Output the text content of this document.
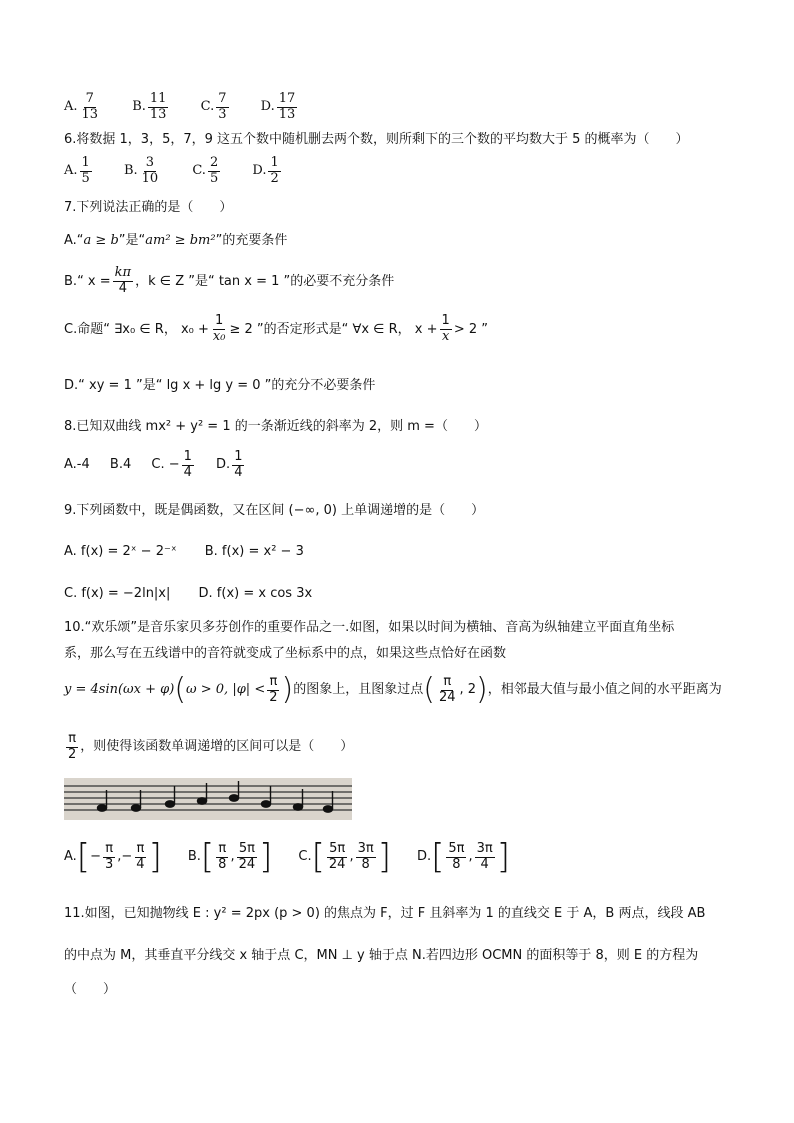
A. $\frac{7}{13}$
B. $\frac{11}{13}$
C. $\frac{7}{3}$
D. $\frac{17}{13}$
6.将数据 1，3，5，7，9 这五个数中随机删去两个数，则所剩下的三个数的平均数大于 5 的概率为（　　）
A. $\frac{1}{5}$
B. $\frac{3}{10}$
C. $\frac{2}{5}$
D. $\frac{1}{2}$
7.下列说法正确的是（　　）
A.“a ≥ b”是“am² ≥ bm²”的充要条件
B.“ $x = \frac{k\pi}{4}$ ，k ∈ Z ”是“ tan x = 1 ”的必要不充分条件
C.命题“ ∃x₀ ∈ R， $x_0 + \frac{1}{\text{x₀}} \ge 2$ ”的否定形式是“ ∀x ∈ R， $x + \frac{1}{x} > 2$ ”
D.“ xy = 1 ”是“ lg x + lg y = 0 ”的充分不必要条件
8.已知双曲线 mx² + y² = 1 的一条渐近线的斜率为 2，则 m =（　　）
A.-4 B.4 C. − $\frac{1}{4}$
D. $\frac{1}{4}$
9.下列函数中，既是偶函数，又在区间 (−∞, 0) 上单调递增的是（　　）
A. f(x) = 2ˣ − 2⁻ˣ B. f(x) = x² − 3
C. f(x) = −2ln|x| D. f(x) = x cos 3x
10.“欢乐颂”是音乐家贝多芬创作的重要作品之一.如图，如果以时间为横轴、音高为纵轴建立平面直角坐标
系，那么写在五线谱中的音符就变成了坐标系中的点，如果这些点恰好在函数
y = 4sin(ωx + φ) ( ω > 0, $|\varphi| < \frac{\pi}{2}$ ) 的图象上，且图象过点 ( $\frac{\pi}{24}$ , 2 ) ，相邻最大值与最小值之间的水平距离为
$\frac{\pi}{2}$ ，则使得该函数单调递增的区间可以是（　　）
A. [ − $\frac{\pi}{3}$ , − $\frac{\pi}{4}$ ] B. [ $\frac{\pi}{8}$ , $\frac{5\pi}{24}$ ] C. [ $\frac{5\pi}{24}$ , $\frac{3\pi}{8}$ ] D. [ $\frac{5\pi}{8}$ , $\frac{3\pi}{4}$ ]
11.如图，已知抛物线 E : y² = 2px (p > 0) 的焦点为 F，过 F 且斜率为 1 的直线交 E 于 A，B 两点，线段 AB
的中点为 M，其垂直平分线交 x 轴于点 C，MN ⊥ y 轴于点 N.若四边形 OCMN 的面积等于 8，则 E 的方程为
（　　）
